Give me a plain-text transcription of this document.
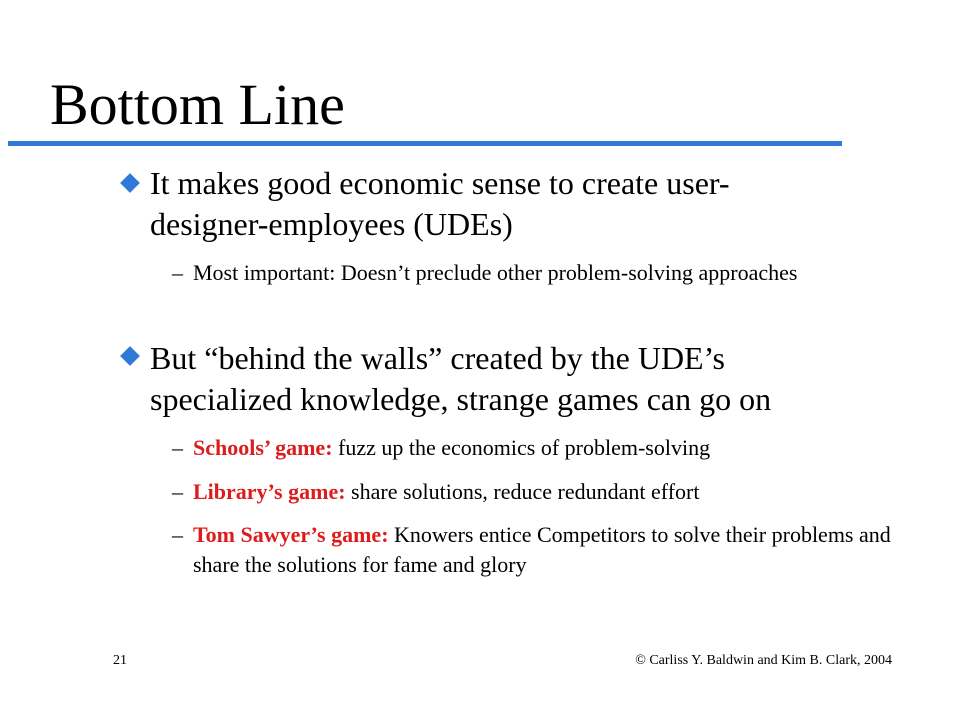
Bottom Line
It makes good economic sense to create user-designer-employees (UDEs)
– Most important: Doesn’t preclude other problem-solving approaches
But “behind the walls” created by the UDE’s specialized knowledge, strange games can go on
– Schools’ game: fuzz up the economics of problem-solving
– Library’s game: share solutions, reduce redundant effort
– Tom Sawyer’s game: Knowers entice Competitors to solve their problems and share the solutions for fame and glory
21	© Carliss Y. Baldwin and Kim B. Clark, 2004
